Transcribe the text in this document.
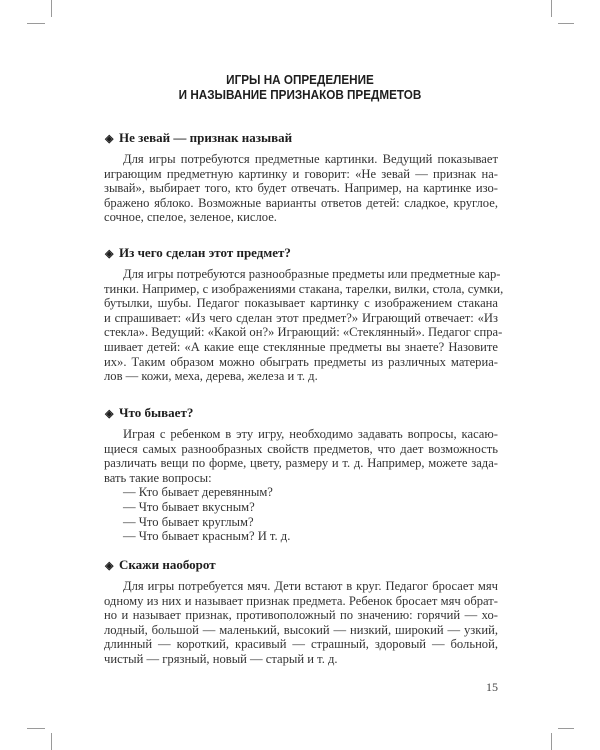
ИГРЫ НА ОПРЕДЕЛЕНИЕ
И НАЗЫВАНИЕ ПРИЗНАКОВ ПРЕДМЕТОВ
◈ Не зевай — признак называй
Для игры потребуются предметные картинки. Ведущий показывает
играющим предметную картинку и говорит: «Не зевай — признак на-
зывай», выбирает того, кто будет отвечать. Например, на картинке изо-
бражено яблоко. Возможные варианты ответов детей: сладкое, круглое,
сочное, спелое, зеленое, кислое.
◈ Из чего сделан этот предмет?
Для игры потребуются разнообразные предметы или предметные кар-
тинки. Например, с изображениями стакана, тарелки, вилки, стола, сумки,
бутылки, шубы. Педагог показывает картинку с изображением стакана
и спрашивает: «Из чего сделан этот предмет?» Играющий отвечает: «Из
стекла». Ведущий: «Какой он?» Играющий: «Стеклянный». Педагог спра-
шивает детей: «А какие еще стеклянные предметы вы знаете? Назовите
их». Таким образом можно обыграть предметы из различных материа-
лов — кожи, меха, дерева, железа и т. д.
◈ Что бывает?
Играя с ребенком в эту игру, необходимо задавать вопросы, касаю-
щиеся самых разнообразных свойств предметов, что дает возможность
различать вещи по форме, цвету, размеру и т. д. Например, можете зада-
вать такие вопросы:
— Кто бывает деревянным?
— Что бывает вкусным?
— Что бывает круглым?
— Что бывает красным? И т. д.
◈ Скажи наоборот
Для игры потребуется мяч. Дети встают в круг. Педагог бросает мяч
одному из них и называет признак предмета. Ребенок бросает мяч обрат-
но и называет признак, противоположный по значению: горячий — хо-
лодный, большой — маленький, высокий — низкий, широкий — узкий,
длинный — короткий, красивый — страшный, здоровый — больной,
чистый — грязный, новый — старый и т. д.
15
